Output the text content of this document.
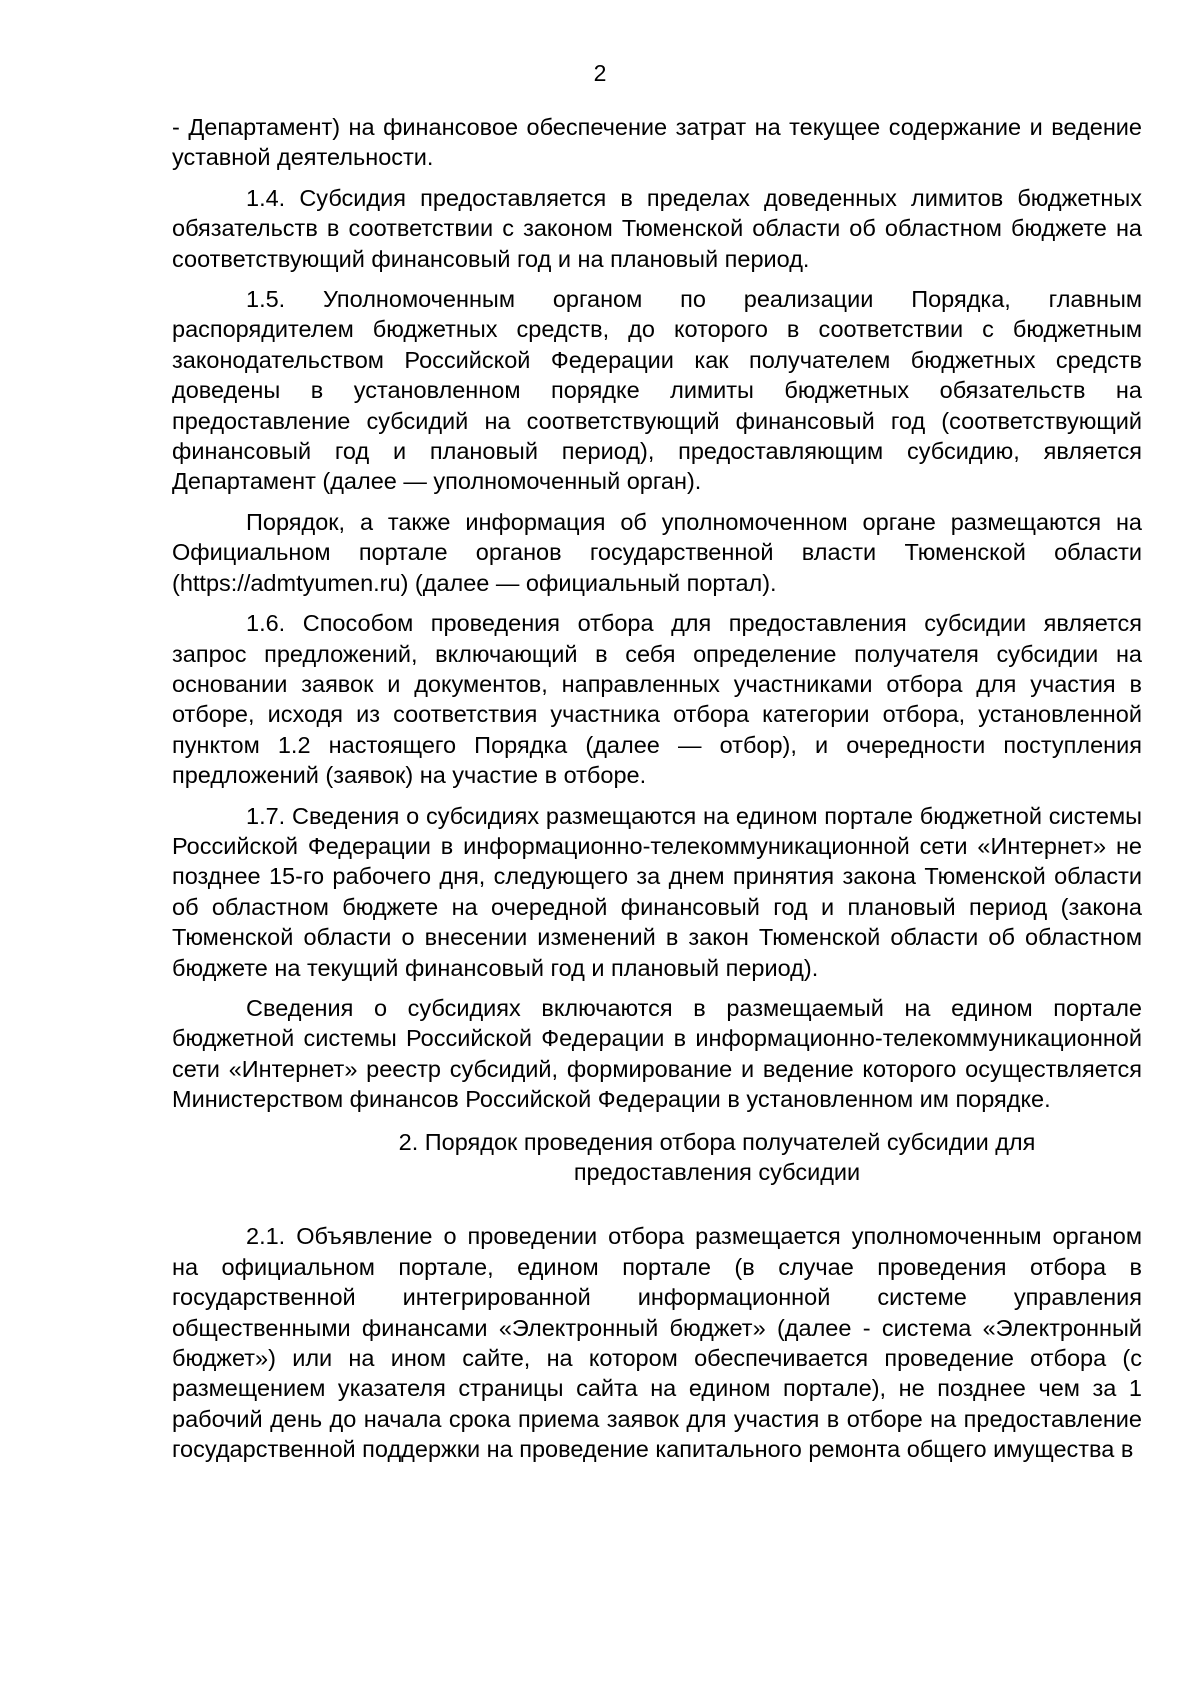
2

- Департамент) на финансовое обеспечение затрат на текущее содержание и ведение уставной деятельности.

1.4. Субсидия предоставляется в пределах доведенных лимитов бюджетных обязательств в соответствии с законом Тюменской области об областном бюджете на соответствующий финансовый год и на плановый период.

1.5. Уполномоченным органом по реализации Порядка, главным распорядителем бюджетных средств, до которого в соответствии с бюджетным законодательством Российской Федерации как получателем бюджетных средств доведены в установленном порядке лимиты бюджетных обязательств на предоставление субсидий на соответствующий финансовый год (соответствующий финансовый год и плановый период), предоставляющим субсидию, является Департамент (далее — уполномоченный орган).

Порядок, а также информация об уполномоченном органе размещаются на Официальном портале органов государственной власти Тюменской области (https://admtyumen.ru) (далее — официальный портал).

1.6. Способом проведения отбора для предоставления субсидии является запрос предложений, включающий в себя определение получателя субсидии на основании заявок и документов, направленных участниками отбора для участия в отборе, исходя из соответствия участника отбора категории отбора, установленной пунктом 1.2 настоящего Порядка (далее — отбор), и очередности поступления предложений (заявок) на участие в отборе.

1.7. Сведения о субсидиях размещаются на едином портале бюджетной системы Российской Федерации в информационно-телекоммуникационной сети «Интернет» не позднее 15-го рабочего дня, следующего за днем принятия закона Тюменской области об областном бюджете на очередной финансовый год и плановый период (закона Тюменской области о внесении изменений в закон Тюменской области об областном бюджете на текущий финансовый год и плановый период).

Сведения о субсидиях включаются в размещаемый на едином портале бюджетной системы Российской Федерации в информационно-телекоммуникационной сети «Интернет» реестр субсидий, формирование и ведение которого осуществляется Министерством финансов Российской Федерации в установленном им порядке.

2. Порядок проведения отбора получателей субсидии для
предоставления субсидии

2.1. Объявление о проведении отбора размещается уполномоченным органом на официальном портале, едином портале (в случае проведения отбора в государственной интегрированной информационной системе управления общественными финансами «Электронный бюджет» (далее - система «Электронный бюджет») или на ином сайте, на котором обеспечивается проведение отбора (с размещением указателя страницы сайта на едином портале), не позднее чем за 1 рабочий день до начала срока приема заявок для участия в отборе на предоставление государственной поддержки на проведение капитального ремонта общего имущества в
